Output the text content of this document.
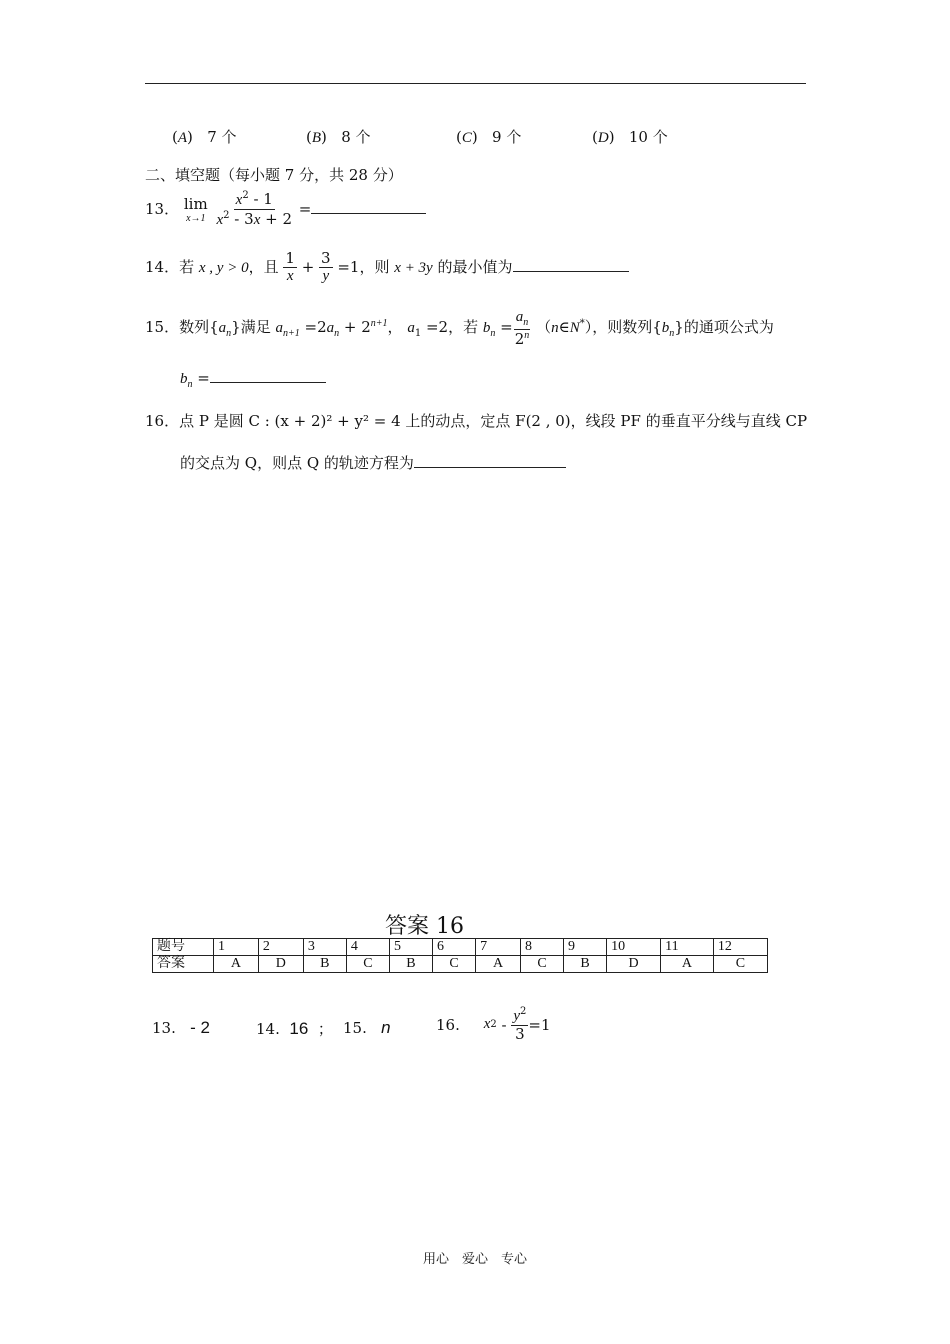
(A)   7 个	(B)   8 个	(C)   9 个	(D)   10 个
二、填空题（每小题 7 分，共 28 分）
13． lim
x→1
$\frac{x^2 - 1}{x^2 - 3x + 2}$ =
14．若 x , y > 0，且 $\frac{1}{x} + \frac{3}{y} =1$，则 x + 3y 的最小值为
15．数列$\{a_n\}$满足 $a_{n+1} =2a_n + 2^{n+1}$， $a_1 =2$，若 $b_n = \frac{a_n}{2^n}$ （n∈N*），则数列$\{b_n\}$的通项公式为
$b_n$ =
16．点 P 是圆 C : (x + 2)² + y² = 4 上的动点，定点 F(2 , 0)，线段 PF 的垂直平分线与直线 CP
的交点为 Q，则点 Q 的轨迹方程为
答案 16
题号	1	2	3	4	5	6	7	8	9	10	11	12
答案	A	D	B	C	B	C	A	C	B	D	A	C
13. - 2	14. 16 ； 15. n	16.
x $2 - \frac{y^2}{3} =1$
用心　爱心　专心
